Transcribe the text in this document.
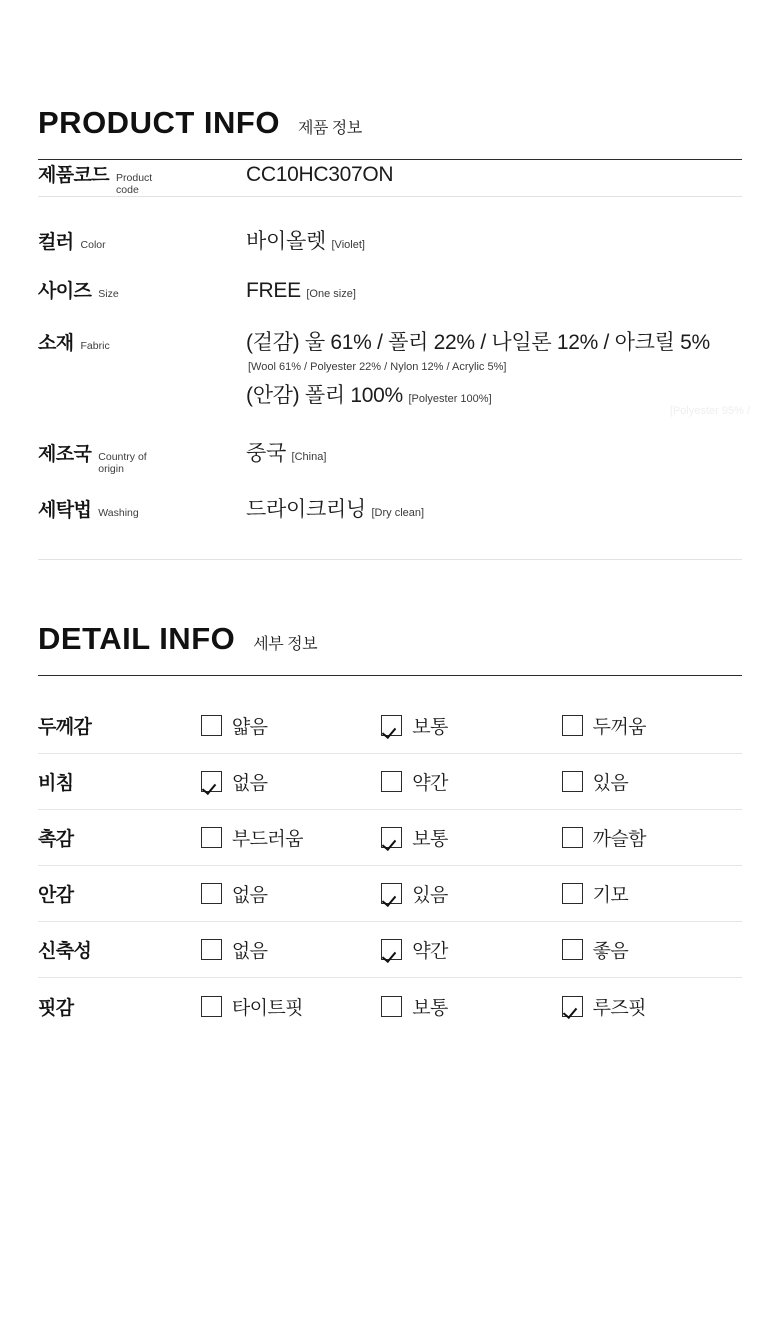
PRODUCT INFO 제품 정보
제품코드 Product code
	CC10HC307ON
컬러 Color	바이올렛 [Violet]

사이즈 Size	FREE [One size]

소재 Fabric	(겉감) 울 61% / 폴리 22% / 나일론 12% / 아크릴 5%
[Wool 61% / Polyester 22% / Nylon 12% / Acrylic 5%]
(안감) 폴리 100% [Polyester 100%]
[Polyester 95% /

제조국 Country of origin	중국 [China]

세탁법 Washing	드라이크리닝 [Dry clean]
DETAIL INFO 세부 정보
두께감	얇음	보통	두꺼움

비침	없음	약간	있음

촉감	부드러움	보통	까슬함

안감	없음	있음	기모

신축성	없음	약간	좋음

핏감	타이트핏	보통	루즈핏
